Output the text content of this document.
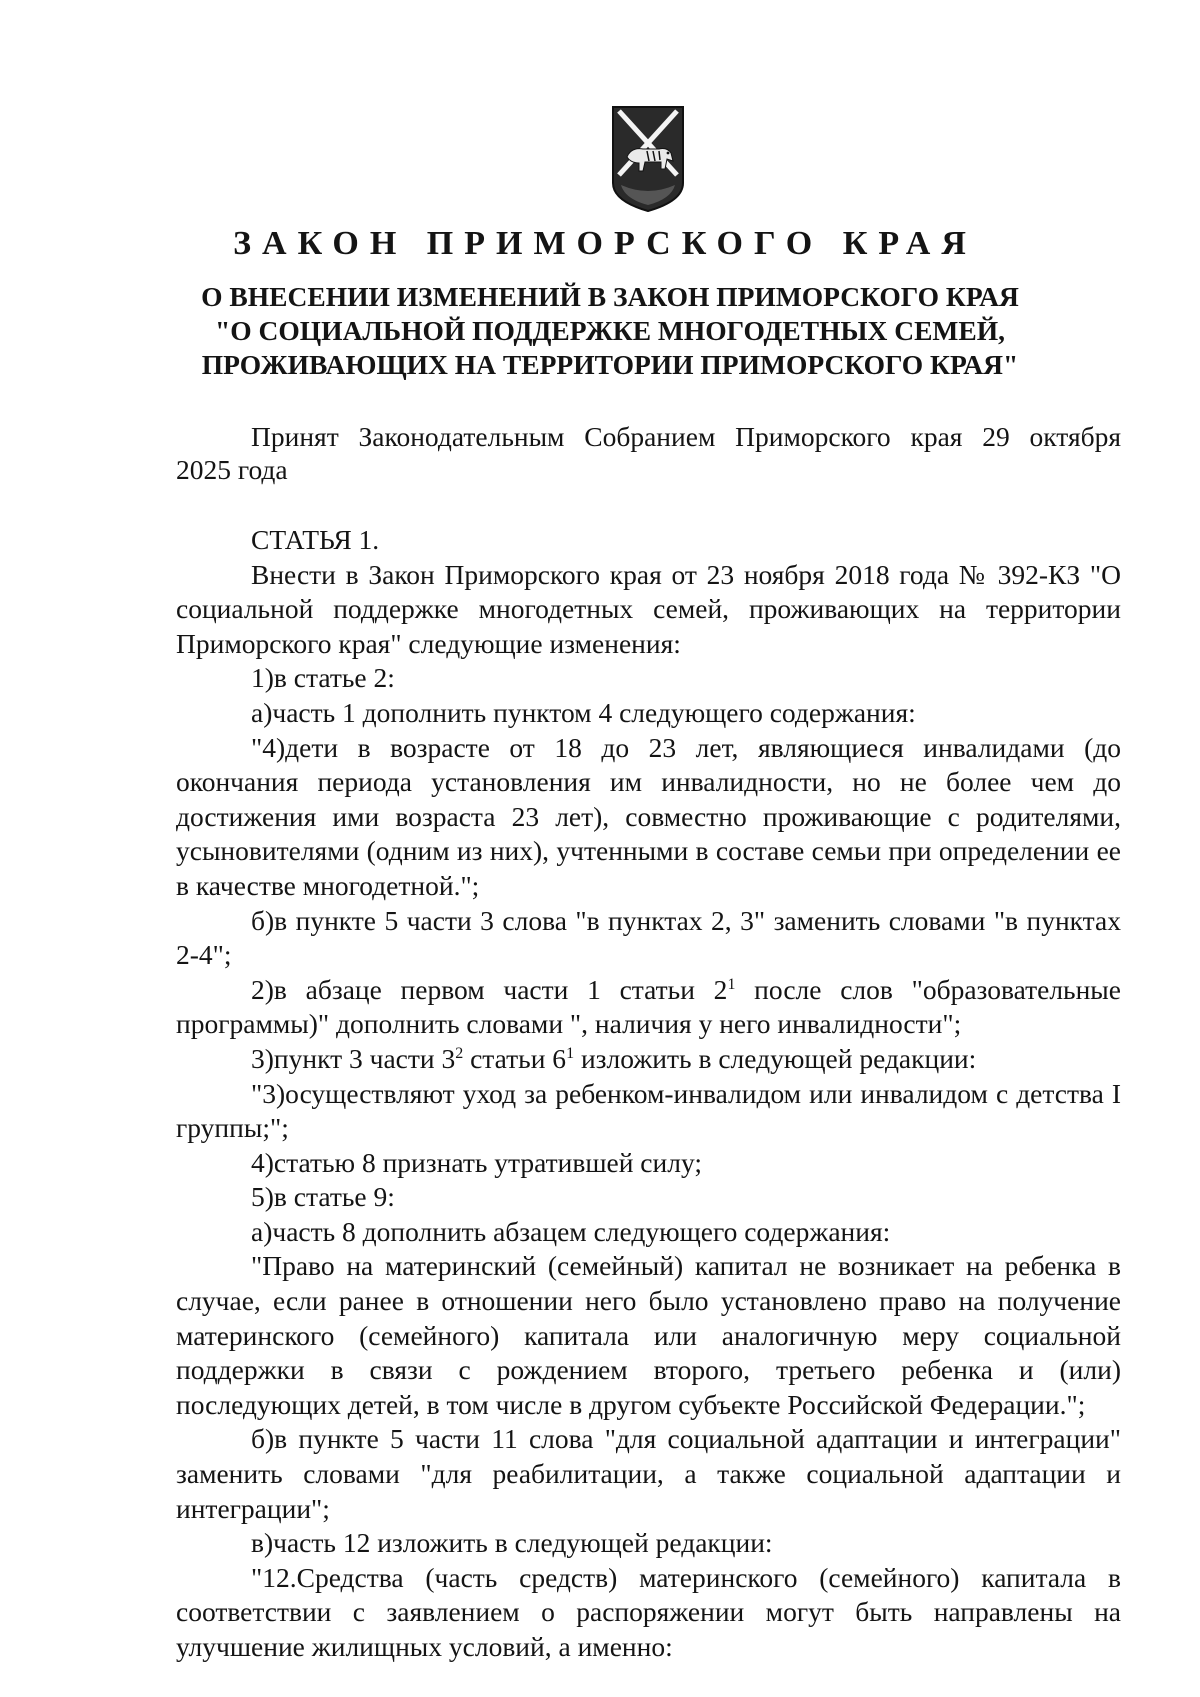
ЗАКОН ПРИМОРСКОГО КРАЯ
О ВНЕСЕНИИ ИЗМЕНЕНИЙ В ЗАКОН ПРИМОРСКОГО КРАЯ
"О СОЦИАЛЬНОЙ ПОДДЕРЖКЕ МНОГОДЕТНЫХ СЕМЕЙ,
ПРОЖИВАЮЩИХ НА ТЕРРИТОРИИ ПРИМОРСКОГО КРАЯ"
Принят Законодательным Собранием Приморского края 29 октября
2025 года

СТАТЬЯ 1.

Внести в Закон Приморского края от 23 ноября 2018 года № 392-КЗ "О социальной поддержке многодетных семей, проживающих на территории Приморского края" следующие изменения:

1)в статье 2:

а)часть 1 дополнить пунктом 4 следующего содержания:

"4)дети в возрасте от 18 до 23 лет, являющиеся инвалидами (до окончания периода установления им инвалидности, но не более чем до достижения ими возраста 23 лет), совместно проживающие с родителями, усыновителями (одним из них), учтенными в составе семьи при определении ее в качестве многодетной.";

б)в пункте 5 части 3 слова "в пунктах 2, 3" заменить словами "в пунктах 2-4";

2)в абзаце первом части 1 статьи $2^1$ после слов "образовательные программы)" дополнить словами ", наличия у него инвалидности";

3)пункт 3 части $3^2$ статьи $6^1$ изложить в следующей редакции:

"3)осуществляют уход за ребенком-инвалидом или инвалидом с детства I группы;";

4)статью 8 признать утратившей силу;

5)в статье 9:

а)часть 8 дополнить абзацем следующего содержания:

"Право на материнский (семейный) капитал не возникает на ребенка в случае, если ранее в отношении него было установлено право на получение материнского (семейного) капитала или аналогичную меру социальной поддержки в связи с рождением второго, третьего ребенка и (или) последующих детей, в том числе в другом субъекте Российской Федерации.";

б)в пункте 5 части 11 слова "для социальной адаптации и интеграции" заменить словами "для реабилитации, а также социальной адаптации и интеграции";

в)часть 12 изложить в следующей редакции:

"12.Средства (часть средств) материнского (семейного) капитала в соответствии с заявлением о распоряжении могут быть направлены на улучшение жилищных условий, а именно:
